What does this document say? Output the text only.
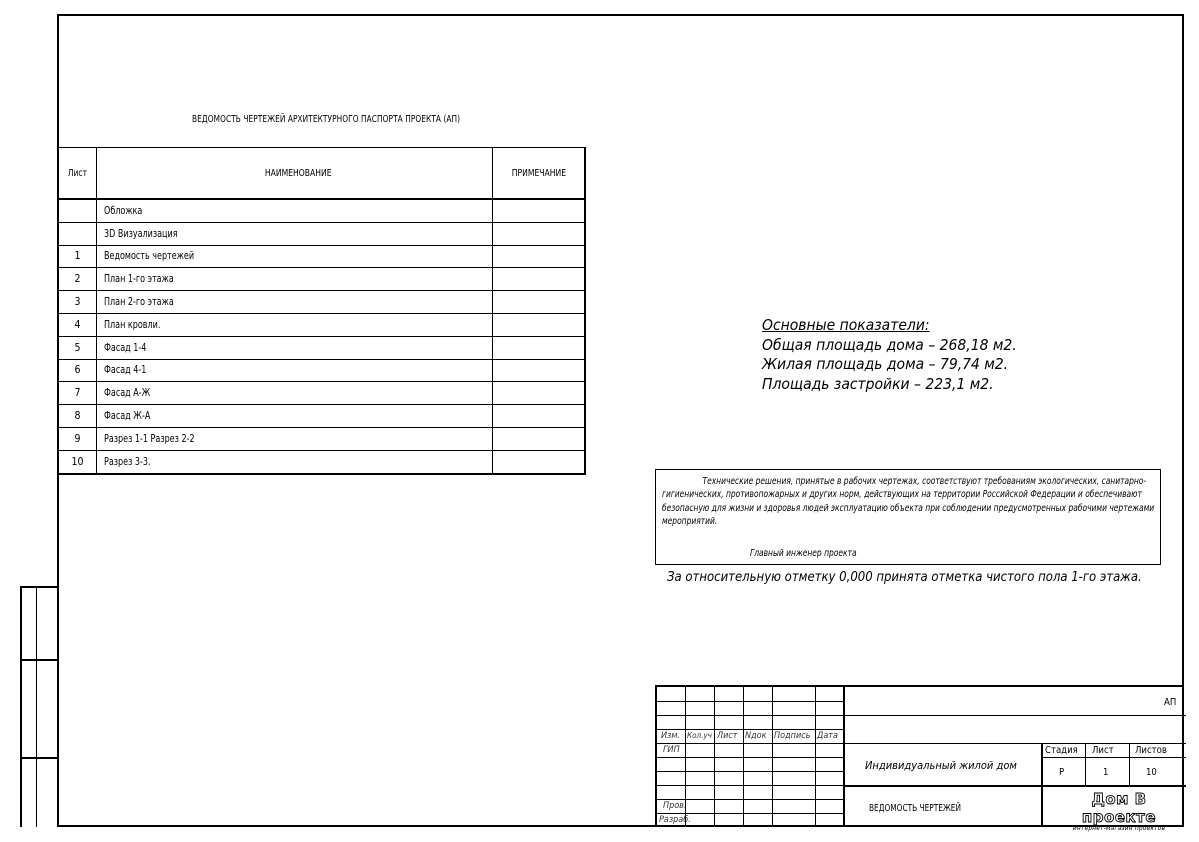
ВЕДОМОСТЬ ЧЕРТЕЖЕЙ АРХИТЕКТУРНОГО ПАСПОРТА ПРОЕКТА (АП)
Лист	НАИМЕНОВАНИЕ	ПРИМЕЧАНИЕ
	Обложка	
	3D Визуализация	
1	Ведомость чертежей	
2	План 1-го этажа	
3	План 2-го этажа	
4	План кровли.	
5	Фасад 1-4	
6	Фасад 4-1	
7	Фасад А-Ж	
8	Фасад Ж-А	
9	Разрез 1-1 Разрез 2-2	
10	Разрез 3-3.	
Основные показатели:
Общая площадь дома – 268,18 м2.
Жилая площадь дома – 79,74 м2.
Площадь застройки – 223,1 м2.
Технические решения, принятые в рабочих чертежах, соответствуют требованиям экологических, санитарно-гигиенических, противопожарных и других норм, действующих на территории Российской Федерации и обеспечивают безопасную для жизни и здоровья людей эксплуатацию объекта при соблюдении предусмотренных рабочими чертежами мероприятий.
Главный инженер проекта
За относительную отметку 0,000 принята отметка чистого пола 1-го этажа.
АП
Изм. Кол.уч Лист Nдок Подпись Дата
ГИП
Пров.
Разраб.
Индивидуальный жилой дом
Стадия Лист Листов
Р	1	10
ВЕДОМОСТЬ ЧЕРТЕЖЕЙ
Дом В проекте
интернет-магазин проектов
